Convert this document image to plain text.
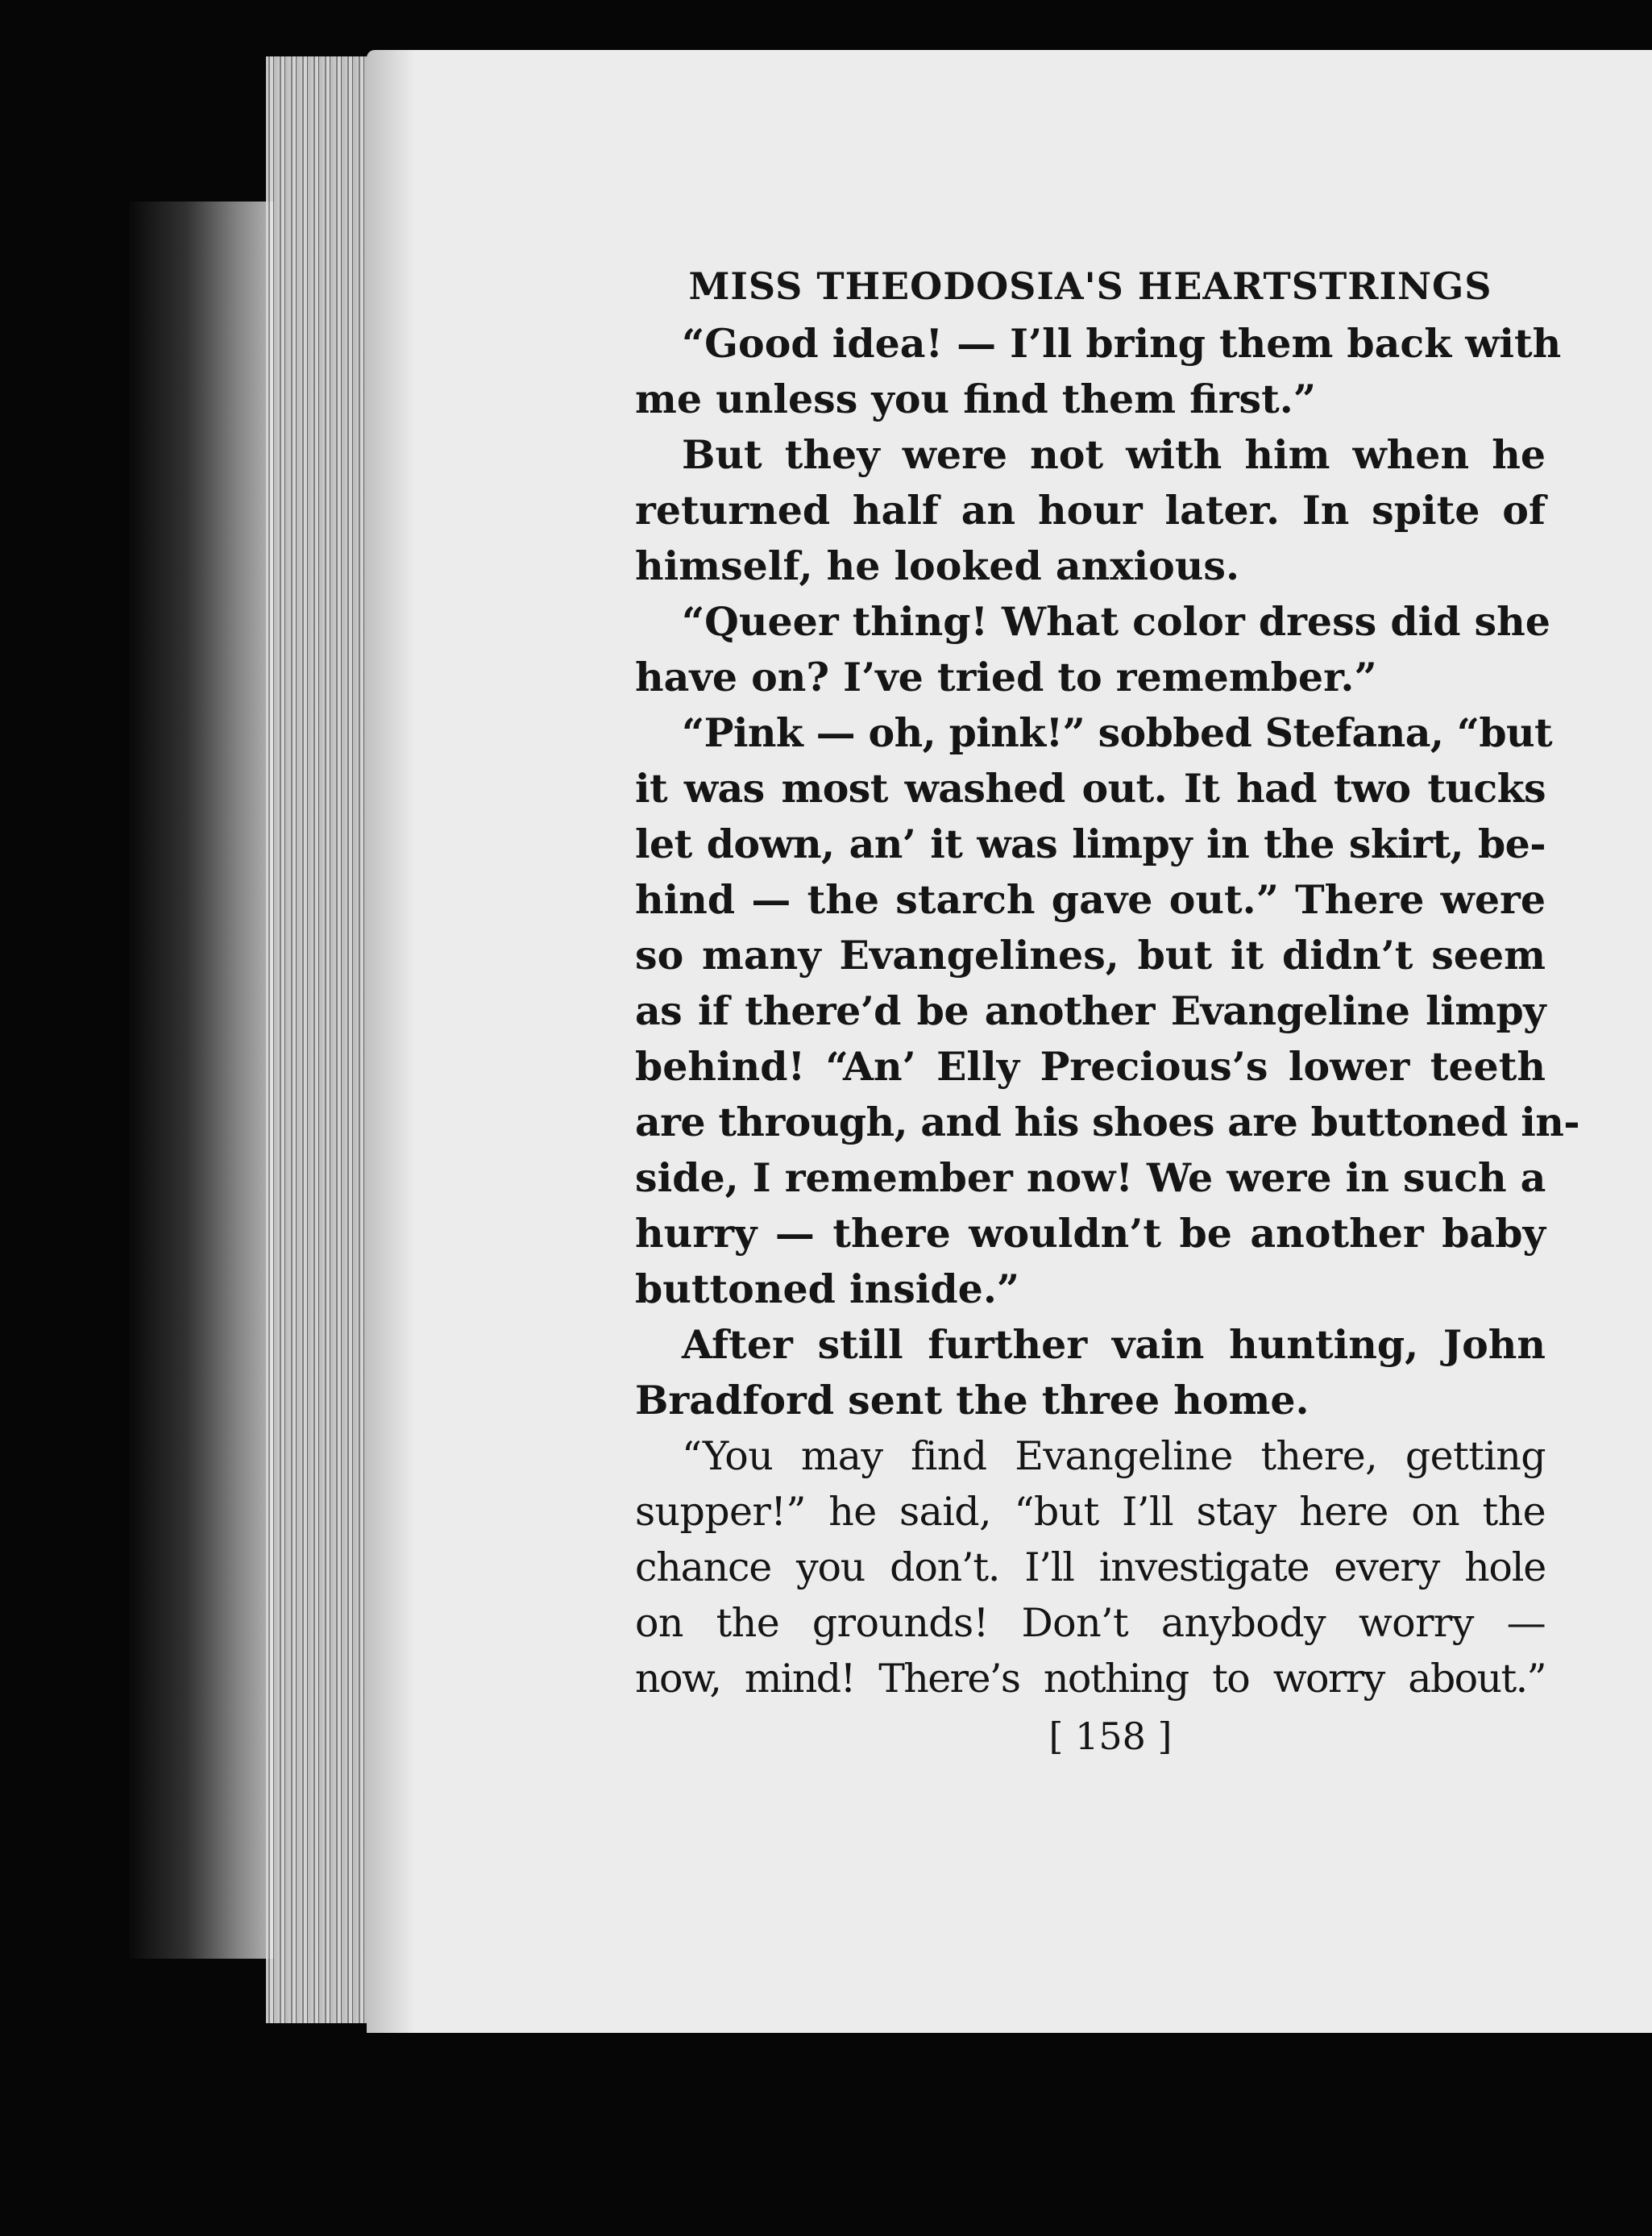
MISS THEODOSIA'S HEARTSTRINGS
“Good idea! — I’ll bring them back with
me unless you find them first.”
But they were not with him when he
returned half an hour later. In spite of
himself, he looked anxious.
“Queer thing! What color dress did she
have on? I’ve tried to remember.”
“Pink — oh, pink!” sobbed Stefana, “but
it was most washed out. It had two tucks
let down, an’ it was limpy in the skirt, be-
hind — the starch gave out.” There were
so many Evangelines, but it didn’t seem
as if there’d be another Evangeline limpy
behind! “An’ Elly Precious’s lower teeth
are through, and his shoes are buttoned in-
side, I remember now! We were in such a
hurry — there wouldn’t be another baby
buttoned inside.”
After still further vain hunting, John
Bradford sent the three home.
“You may find Evangeline there, getting
supper!” he said, “but I’ll stay here on the
chance you don’t. I’ll investigate every hole
on the grounds! Don’t anybody worry —
now, mind! There’s nothing to worry about.”
[ 158 ]
